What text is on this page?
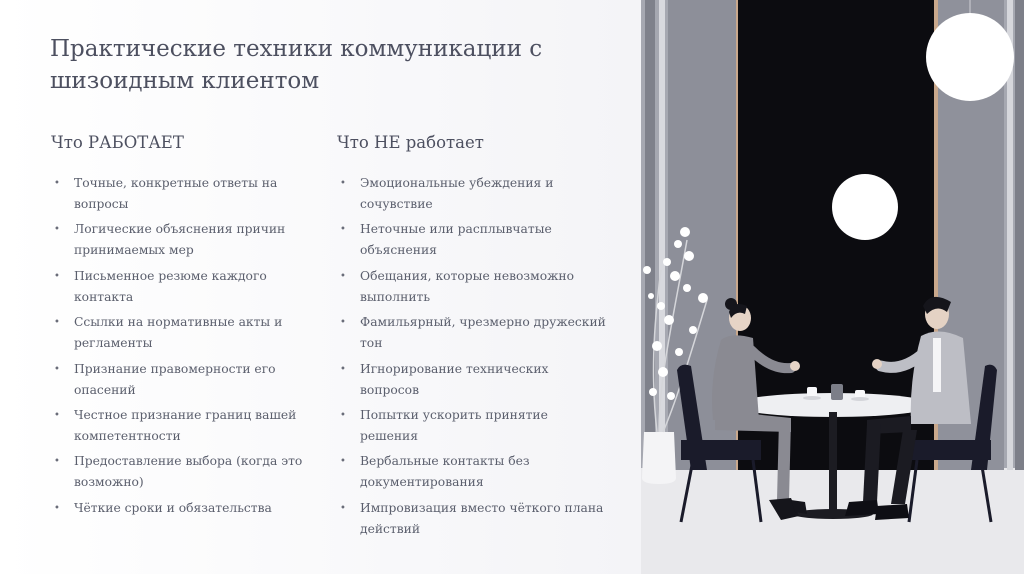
Практические техники коммуникации с шизоидным клиентом
Что РАБОТАЕТ
• Точные, конкретные ответы на вопросы
• Логические объяснения причин принимаемых мер
• Письменное резюме каждого контакта
• Ссылки на нормативные акты и регламенты
• Признание правомерности его опасений
• Честное признание границ вашей компетентности
• Предоставление выбора (когда это возможно)
• Чёткие сроки и обязательства
Что НЕ работает
• Эмоциональные убеждения и сочувствие
• Неточные или расплывчатые объяснения
• Обещания, которые невозможно выполнить
• Фамильярный, чрезмерно дружеский тон
• Игнорирование технических вопросов
• Попытки ускорить принятие решения
• Вербальные контакты без документирования
• Импровизация вместо чёткого плана действий
